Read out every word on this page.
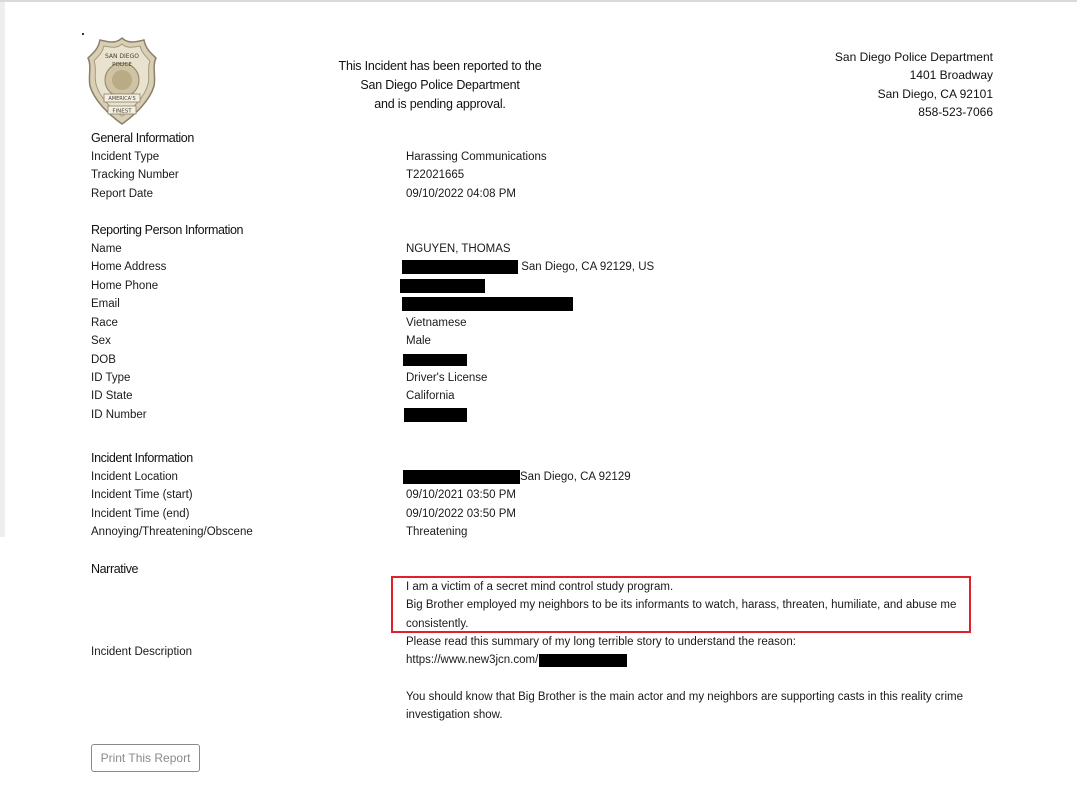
SAN DIEGO
POLICE
AMERICA'S
FINEST
This Incident has been reported to the
San Diego Police Department
and is pending approval.
San Diego Police Department
1401 Broadway
San Diego, CA 92101
858-523-7066
General Information
Incident Type	Harassing Communications
Tracking Number	T22021665
Report Date	09/10/2022 04:08 PM
Reporting Person Information
Name	NGUYEN, THOMAS
Home Address	San Diego, CA 92129, US
Home Phone
Email
Race	Vietnamese
Sex	Male
DOB
ID Type	Driver's License
ID State	California
ID Number
Incident Information
Incident Location	San Diego, CA 92129
Incident Time (start)	09/10/2021 03:50 PM
Incident Time (end)	09/10/2022 03:50 PM
Annoying/Threatening/Obscene	Threatening
Narrative
Incident Description

I am a victim of a secret mind control study program.

Big Brother employed my neighbors to be its informants to watch, harass, threaten, humiliate, and abuse me consistently.

Please read this summary of my long terrible story to understand the reason:

https://www.new3jcn.com/

You should know that Big Brother is the main actor and my neighbors are supporting casts in this reality crime investigation show.

Print This Report
